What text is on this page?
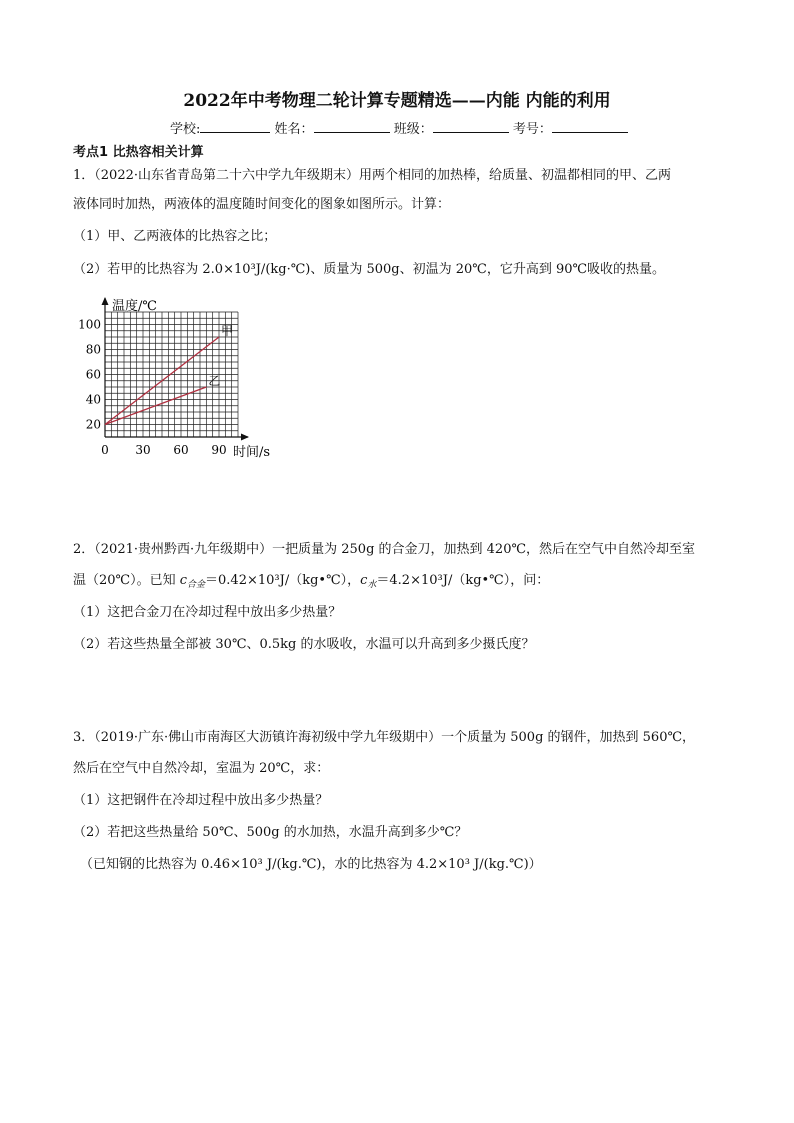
2022年中考物理二轮计算专题精选——内能 内能的利用
学校:	姓名：	班级：	考号：
考点1 比热容相关计算
1．（2022·山东省青岛第二十六中学九年级期末）用两个相同的加热棒，给质量、初温都相同的甲、乙两
液体同时加热，两液体的温度随时间变化的图象如图所示。计算：
（1）甲、乙两液体的比热容之比；
（2）若甲的比热容为 2.0×10³J/(kg·℃)、质量为 500g、初温为 20℃，它升高到 90℃吸收的热量。
20
40
60
80
100
0 30 60 90
甲
乙
温度/℃
时间/s
2．（2021·贵州黔西·九年级期中）一把质量为 250g 的合金刀，加热到 420℃，然后在空气中自然冷却至室
温（20℃）。已知 $c_{合金}=0.42\times 10^3J/(kg•℃)$，$c_水=4.2\times 10^3J/(kg•℃)$，问：
（1）这把合金刀在冷却过程中放出多少热量？
（2）若这些热量全部被 30℃、0.5kg 的水吸收，水温可以升高到多少摄氏度？
3．（2019·广东·佛山市南海区大沥镇许海初级中学九年级期中）一个质量为 500g 的钢件，加热到 560℃，
然后在空气中自然冷却，室温为 20℃，求：
（1）这把钢件在冷却过程中放出多少热量？
（2）若把这些热量给 50℃、500g 的水加热，水温升高到多少℃？
（已知钢的比热容为 0.46×10³ J/(kg.℃)，水的比热容为 4.2×10³ J/(kg.℃)）
